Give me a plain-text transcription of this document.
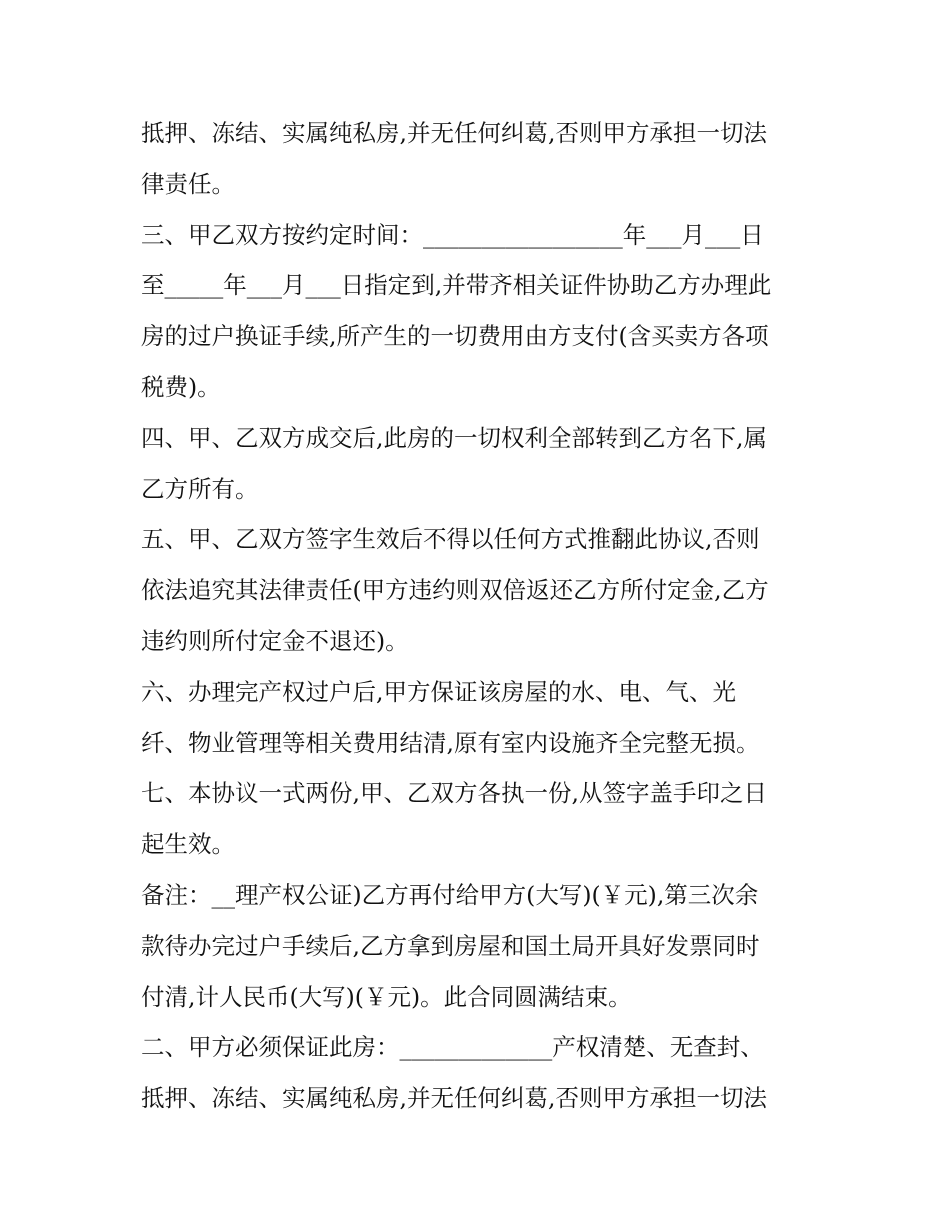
抵押、冻结、实属纯私房,并无任何纠葛,否则甲方承担一切法
律责任。
三、甲乙双方按约定时间：_________________年___月___日
至_____年___月___日指定到,并带齐相关证件协助乙方办理此
房的过户换证手续,所产生的一切费用由方支付(含买卖方各项
税费)。
四、甲、乙双方成交后,此房的一切权利全部转到乙方名下,属
乙方所有。
五、甲、乙双方签字生效后不得以任何方式推翻此协议,否则
依法追究其法律责任(甲方违约则双倍返还乙方所付定金,乙方
违约则所付定金不退还)。
六、办理完产权过户后,甲方保证该房屋的水、电、气、光
纤、物业管理等相关费用结清,原有室内设施齐全完整无损。
七、本协议一式两份,甲、乙双方各执一份,从签字盖手印之日
起生效。
备注：__理产权公证)乙方再付给甲方(大写)(￥元),第三次余
款待办完过户手续后,乙方拿到房屋和国土局开具好发票同时
付清,计人民币(大写)(￥元)。此合同圆满结束。
二、甲方必须保证此房：_____________产权清楚、无查封、
抵押、冻结、实属纯私房,并无任何纠葛,否则甲方承担一切法
